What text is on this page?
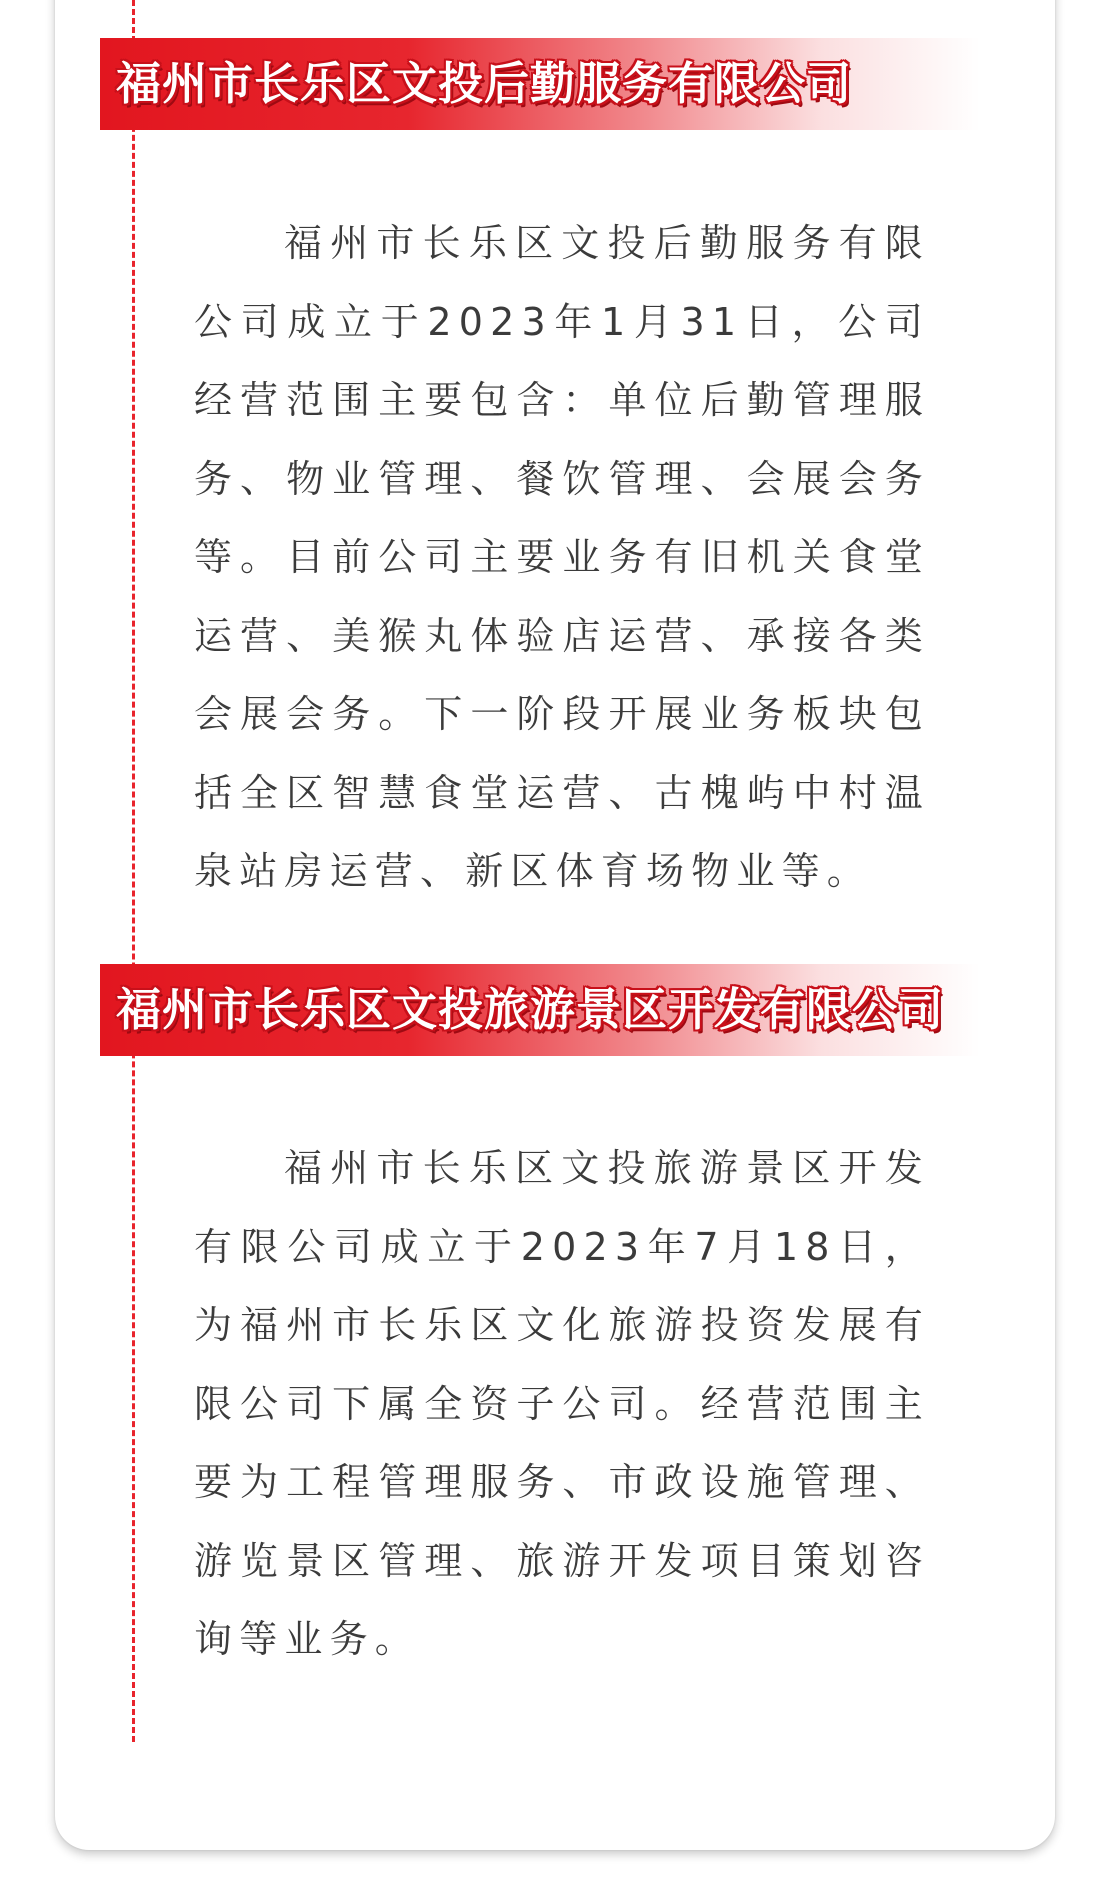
福州市长乐区文投后勤服务有限公司

福州市长乐区文投后勤服务有限公司成立于2023年1月31日，公司经营范围主要包含：单位后勤管理服务、物业管理、餐饮管理、会展会务等。目前公司主要业务有旧机关食堂运营、美猴丸体验店运营、承接各类会展会务。下一阶段开展业务板块包括全区智慧食堂运营、古槐屿中村温泉站房运营、新区体育场物业等。

福州市长乐区文投旅游景区开发有限公司

福州市长乐区文投旅游景区开发有限公司成立于2023年7月18日，为福州市长乐区文化旅游投资发展有限公司下属全资子公司。经营范围主要为工程管理服务、市政设施管理、游览景区管理、旅游开发项目策划咨询等业务。
